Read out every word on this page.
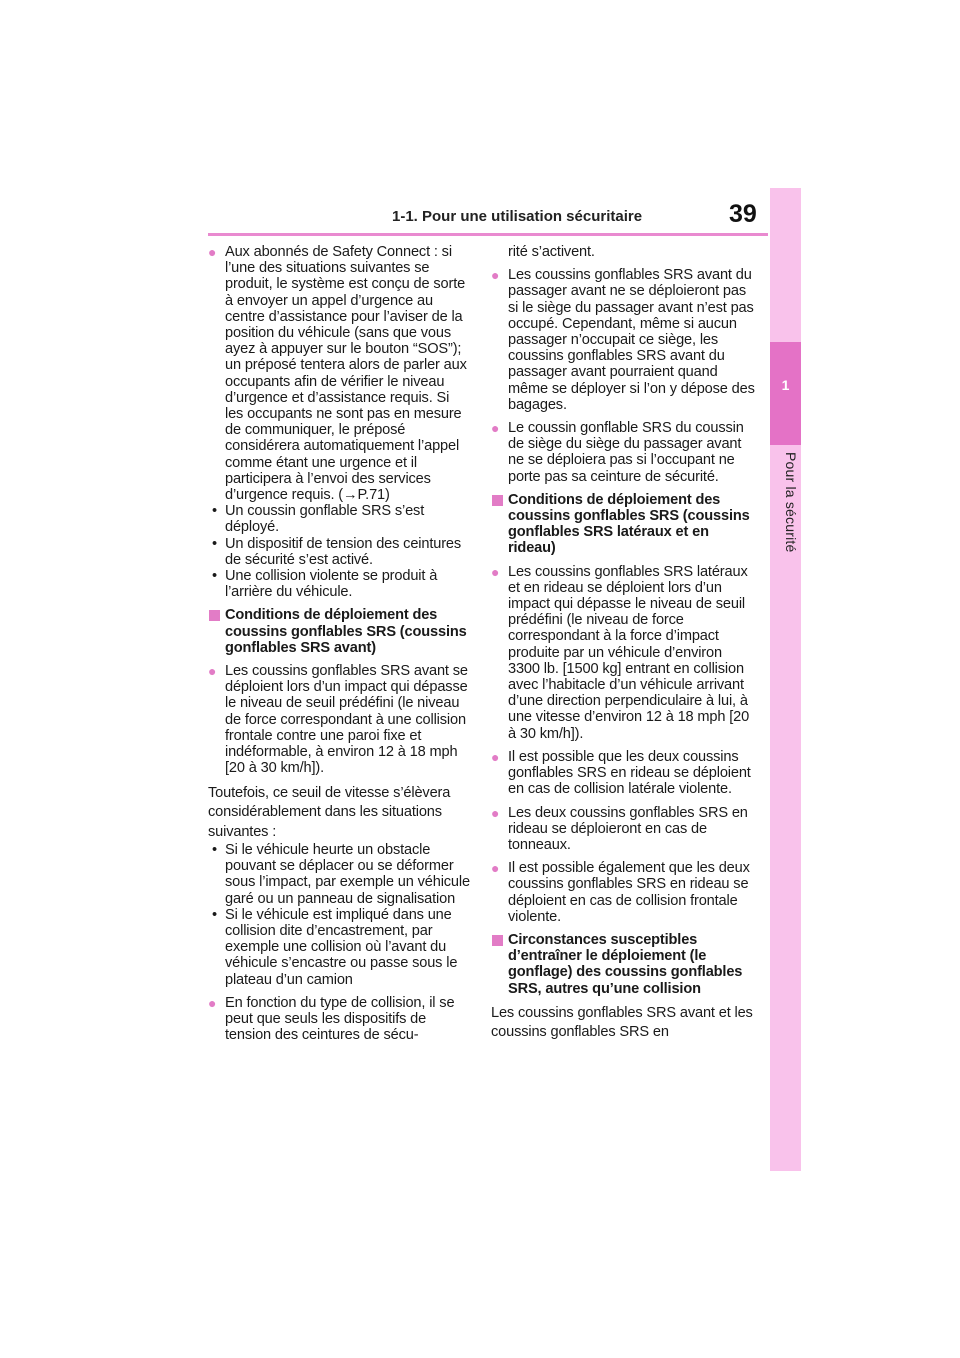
1
Pour la sécurité
1-1. Pour une utilisation sécuritaire	39
● Aux abonnés de Safety Connect : si l’une des situations suivantes se produit, le système est conçu de sorte à envoyer un appel d’urgence au centre d’assistance pour l’aviser de la position du véhicule (sans que vous ayez à appuyer sur le bouton “SOS”); un préposé tentera alors de parler aux occupants afin de vérifier le niveau d’urgence et d’assistance requis. Si les occupants ne sont pas en mesure de communiquer, le préposé considérera automatiquement l’appel comme étant une urgence et il participera à l’envoi des services d’urgence requis. (→P.71)
• Un coussin gonflable SRS s’est déployé.
• Un dispositif de tension des ceintures de sécurité s’est activé.
• Une collision violente se produit à l’arrière du véhicule.
Conditions de déploiement des coussins gonflables SRS (coussins gonflables SRS avant)
● Les coussins gonflables SRS avant se déploient lors d’un impact qui dépasse le niveau de seuil prédéfini (le niveau de force correspondant à une collision frontale contre une paroi fixe et indéformable, à environ 12 à 18 mph [20 à 30 km/h]).
Toutefois, ce seuil de vitesse s’élèvera considérablement dans les situations suivantes :
• Si le véhicule heurte un obstacle pouvant se déplacer ou se déformer sous l’impact, par exemple un véhicule garé ou un panneau de signalisation
• Si le véhicule est impliqué dans une collision dite d’encastrement, par exemple une collision où l’avant du véhicule s’encastre ou passe sous le plateau d’un camion
● En fonction du type de collision, il se peut que seuls les dispositifs de tension des ceintures de sécu-
rité s’activent.
● Les coussins gonflables SRS avant du passager avant ne se déploieront pas si le siège du passager avant n’est pas occupé. Cependant, même si aucun passager n’occupait ce siège, les coussins gonflables SRS avant du passager avant pourraient quand même se déployer si l’on y dépose des bagages.
● Le coussin gonflable SRS du coussin de siège du siège du passager avant ne se déploiera pas si l’occupant ne porte pas sa ceinture de sécurité.
Conditions de déploiement des coussins gonflables SRS (coussins gonflables SRS latéraux et en rideau)
● Les coussins gonflables SRS latéraux et en rideau se déploient lors d’un impact qui dépasse le niveau de seuil prédéfini (le niveau de force correspondant à la force d’impact produite par un véhicule d’environ 3300 lb. [1500 kg] entrant en collision avec l’habitacle d’un véhicule arrivant d’une direction perpendiculaire à lui, à une vitesse d’environ 12 à 18 mph [20 à 30 km/h]).
● Il est possible que les deux coussins gonflables SRS en rideau se déploient en cas de collision latérale violente.
● Les deux coussins gonflables SRS en rideau se déploieront en cas de tonneaux.
● Il est possible également que les deux coussins gonflables SRS en rideau se déploient en cas de collision frontale violente.
Circonstances susceptibles d’entraîner le déploiement (le gonflage) des coussins gonflables SRS, autres qu’une collision
Les coussins gonflables SRS avant et les coussins gonflables SRS en
